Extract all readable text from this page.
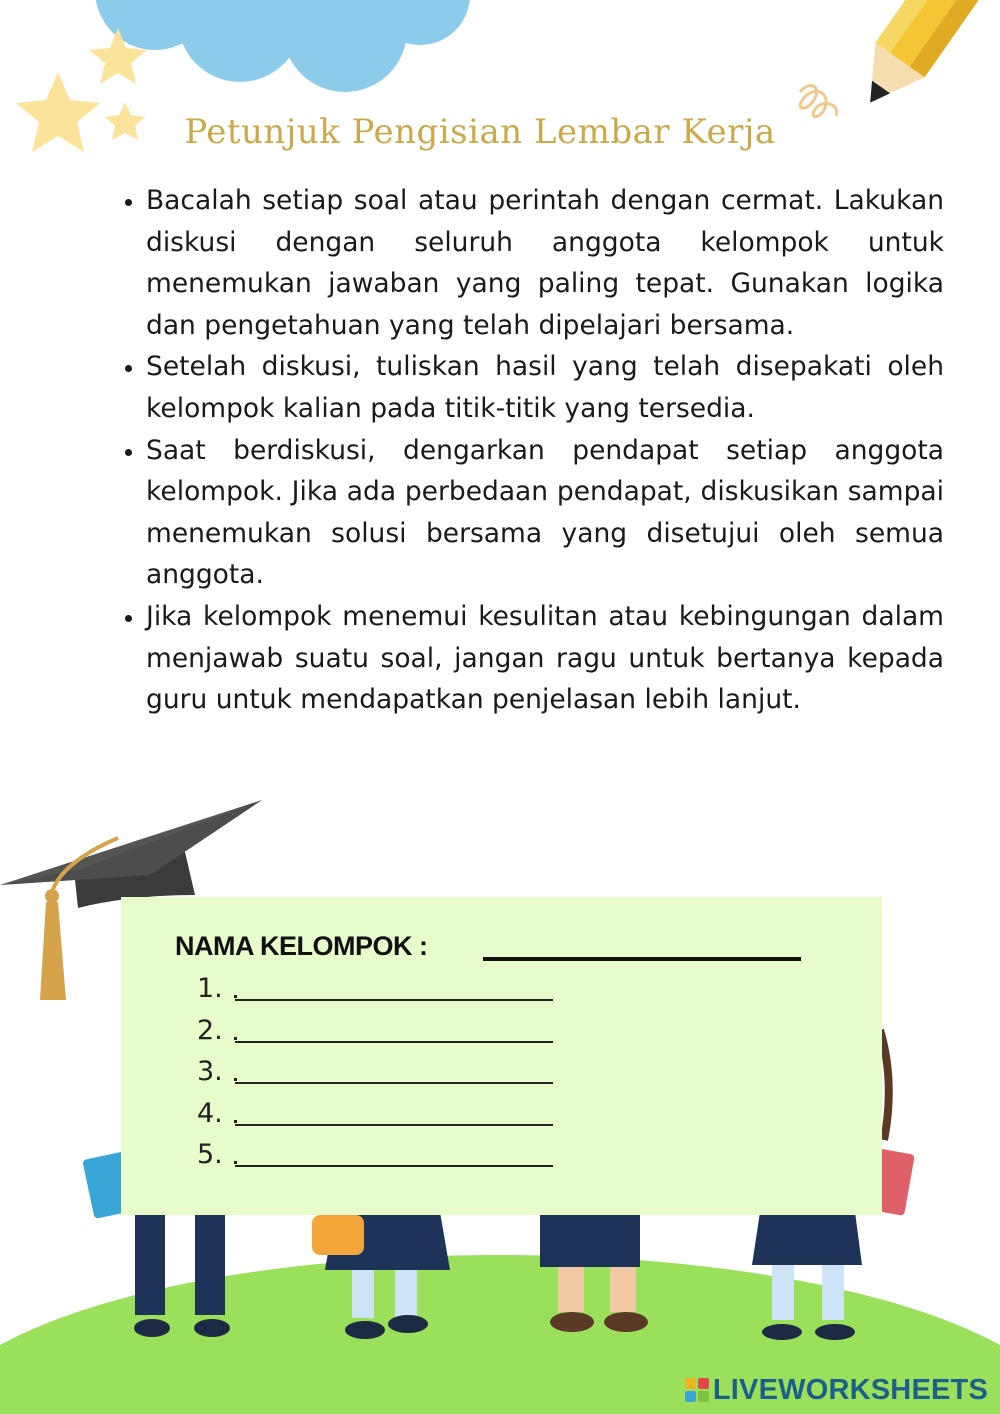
Petunjuk Pengisian Lembar Kerja
• Bacalah setiap soal atau perintah dengan cermat. Lakukan diskusi dengan seluruh anggota kelompok untuk menemukan jawaban yang paling tepat. Gunakan logika dan pengetahuan yang telah dipelajari bersama.
• Setelah diskusi, tuliskan hasil yang telah disepakati oleh kelompok kalian pada titik-titik yang tersedia.
• Saat berdiskusi, dengarkan pendapat setiap anggota kelompok. Jika ada perbedaan pendapat, diskusikan sampai menemukan solusi bersama yang disetujui oleh semua anggota.
• Jika kelompok menemui kesulitan atau kebingungan dalam menjawab suatu soal, jangan ragu untuk bertanya kepada guru untuk mendapatkan penjelasan lebih lanjut.
NAMA KELOMPOK :
1.
2.
3.
4.
5.
LIVEWORKSHEETS
